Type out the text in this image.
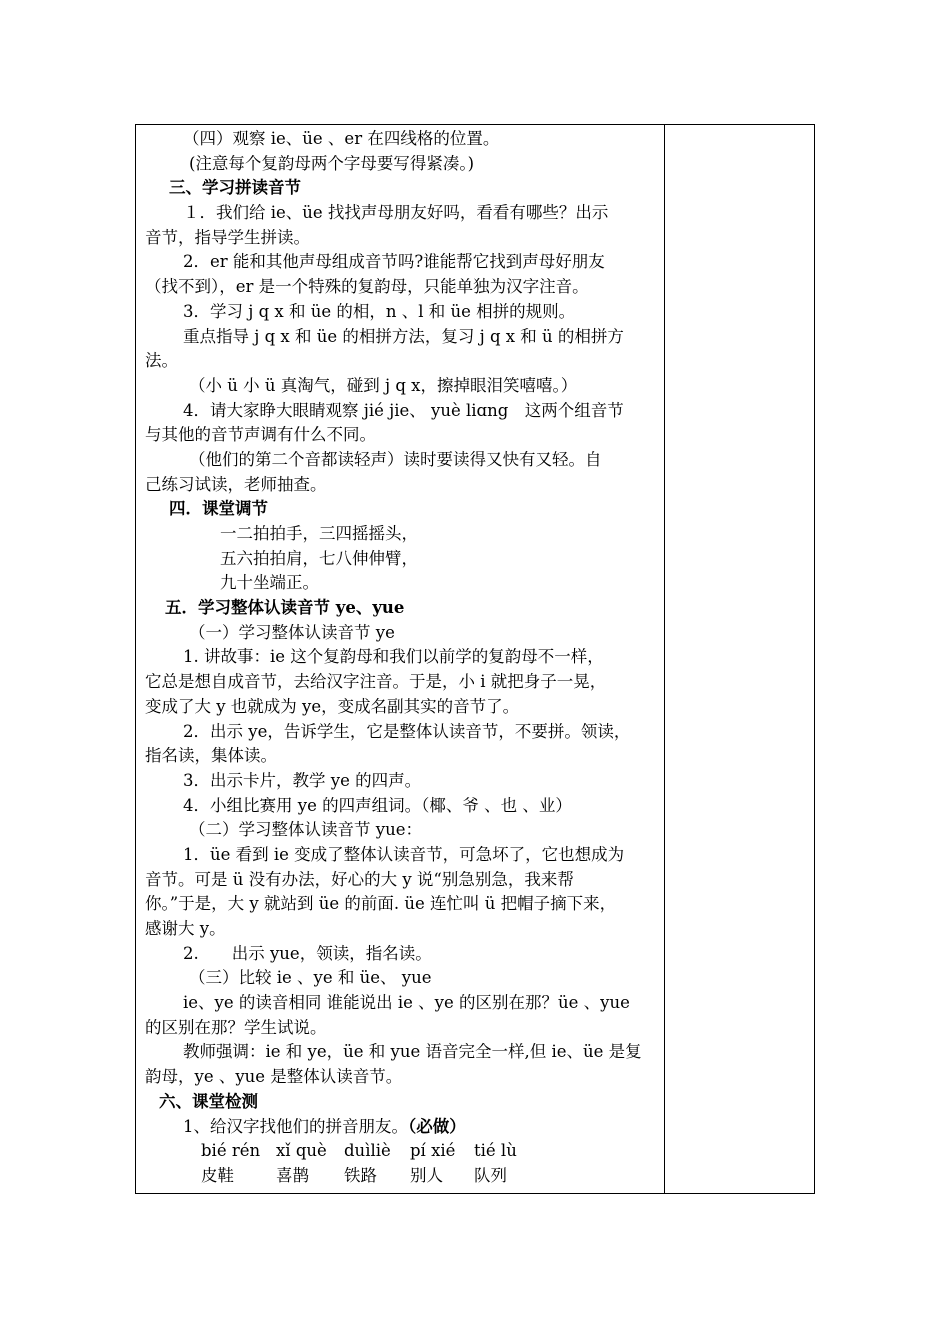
（四）观察 ie、üe 、er 在四线格的位置。
(注意每个复韵母两个字母要写得紧凑。)
三、学习拼读音节
１．我们给 ie、üe 找找声母朋友好吗，看看有哪些？出示
音节，指导学生拼读。
2．er 能和其他声母组成音节吗?谁能帮它找到声母好朋友
（找不到），er 是一个特殊的复韵母，只能单独为汉字注音。
3．学习 j q x 和 üe 的相，n 、l 和 üe 相拼的规则。
重点指导 j q x 和 üe 的相拼方法，复习 j q x 和 ü 的相拼方
法。
（小 ü 小 ü 真淘气，碰到 j q x，擦掉眼泪笑嘻嘻。）
4．请大家睁大眼睛观察 jié jie、 yuè liɑng　这两个组音节
与其他的音节声调有什么不同。
（他们的第二个音都读轻声）读时要读得又快有又轻。自
己练习试读，老师抽查。
四．课堂调节
一二拍拍手，三四摇摇头，
五六拍拍肩，七八伸伸臂，
九十坐端正。
五．学习整体认读音节 ye、yue
（一）学习整体认读音节 ye
1. 讲故事：ie 这个复韵母和我们以前学的复韵母不一样，
它总是想自成音节，去给汉字注音。于是，小 i 就把身子一晃，
变成了大 y 也就成为 ye，变成名副其实的音节了。
2．出示 ye，告诉学生，它是整体认读音节，不要拼。领读，
指名读，集体读。
3．出示卡片，教学 ye 的四声。
4．小组比赛用 ye 的四声组词。（椰、爷 、也 、业）
（二）学习整体认读音节 yue：
1．üe 看到 ie 变成了整体认读音节，可急坏了，它也想成为
音节。可是 ü 没有办法，好心的大 y 说“别急别急，我来帮
你。”于是，大 y 就站到 üe 的前面. üe 连忙叫 ü 把帽子摘下来，
感谢大 y。
2.　　出示 yue，领读，指名读。
（三）比较 ie 、ye 和 üe、 yue
ie、ye 的读音相同 谁能说出 ie 、ye 的区别在那？üe 、yue
的区别在那？学生试说。
教师强调：ie 和 ye，üe 和 yue 语音完全一样,但 ie、üe 是复
韵母，ye 、yue 是整体认读音节。
六、课堂检测
1、给汉字找他们的拼音朋友。（必做）
bié rén xǐ què duìliè pí xié tié lù
皮鞋	喜鹊 铁路 别人 队列
